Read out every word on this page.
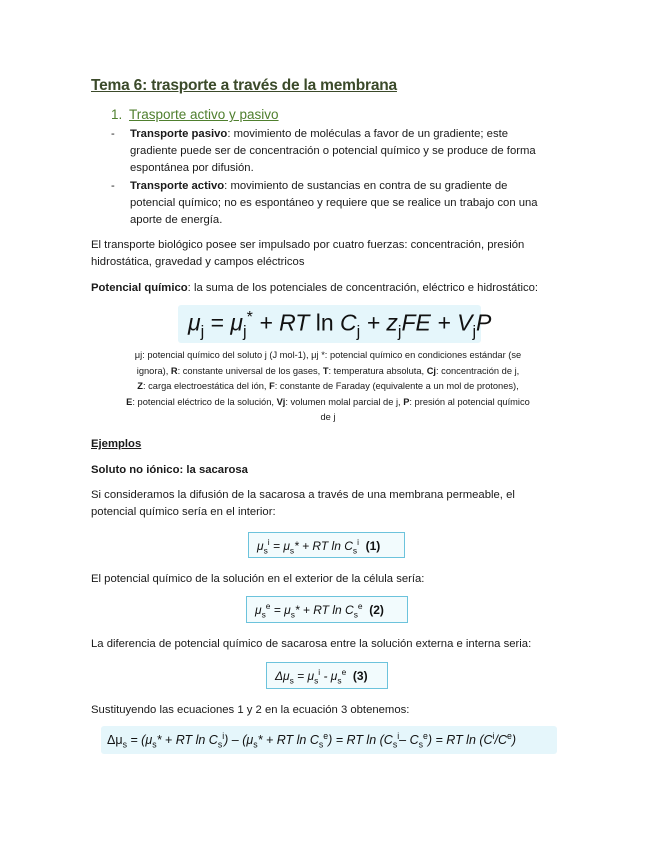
Tema 6: trasporte a través de la membrana
1. Trasporte activo y pasivo
- Transporte pasivo: movimiento de moléculas a favor de un gradiente; este
gradiente puede ser de concentración o potencial químico y se produce de forma
espontánea por difusión.
- Transporte activo: movimiento de sustancias en contra de su gradiente de
potencial químico; no es espontáneo y requiere que se realice un trabajo con una
aporte de energía.
El transporte biológico posee ser impulsado por cuatro fuerzas: concentración, presión
hidrostática, gravedad y campos eléctricos
Potencial químico: la suma de los potenciales de concentración, eléctrico e hidrostático:
$\mu_j = \mu_j^*$ + RT $\ln C_j + z_jFE + V_jP$
μj: potencial químico del soluto j (J mol-1), μj *: potencial químico en condiciones estándar (se
ignora), R: constante universal de los gases, T: temperatura absoluta, Cj: concentración de j,
Z: carga electroestática del ión, F: constante de Faraday (equivalente a un mol de protones),
E: potencial eléctrico de la solución, Vj: volumen molal parcial de j, P: presión al potencial químico
de j
Ejemplos
Soluto no iónico: la sacarosa
Si consideramos la difusión de la sacarosa a través de una membrana permeable, el
potencial químico sería en el interior:
$\mu_s^i = \mu_s*$ + RT $\ln C_s^i$ (1)
El potencial químico de la solución en el exterior de la célula sería:
$\mu_s^e = \mu_s*$ + RT $\ln C_s^e$ (2)
La diferencia de potencial químico de sacarosa entre la solución externa e interna seria:
$\Delta\mu_s = \mu_s^i - \mu_s^e$ (3)
Sustituyendo las ecuaciones 1 y 2 en la ecuación 3 obtenemos:
$\Delta\mu_s = (\mu_s*$ + RT $\ln C_s^i) - (\mu_s*$ + RT $\ln C_s^e$) = RT $\ln (C_s^i-$ $C_s^e$) = RT $\ln (C^i/Ce)$
